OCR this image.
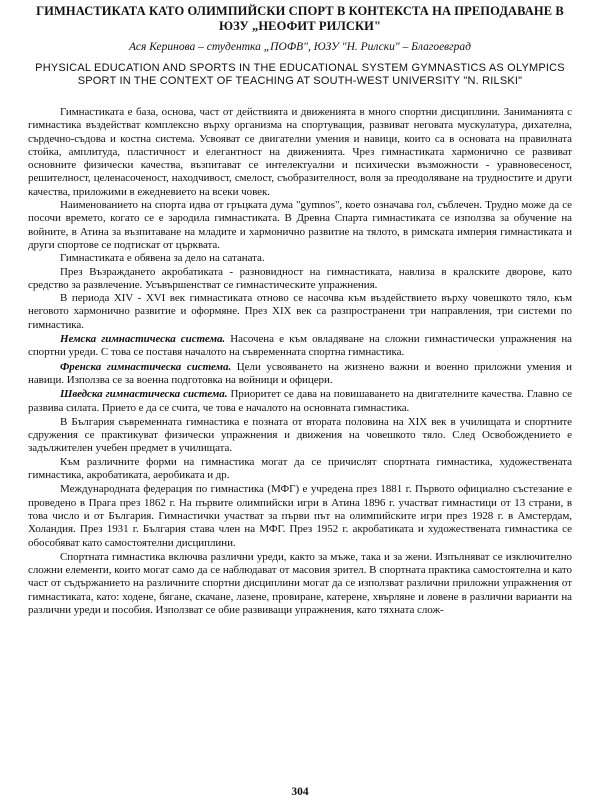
ГИМНАСТИКАТА КАТО ОЛИМПИЙСКИ СПОРТ В КОНТЕКСТА НА ПРЕПОДАВАНЕ В ЮЗУ „НЕОФИТ РИЛСКИ"
Ася Керинова – студентка „ПОФВ", ЮЗУ "Н. Рилски" – Благоевград
PHYSICAL EDUCATION AND SPORTS IN THE EDUCATIONAL SYSTEM GYMNASTICS AS OLYMPICS SPORT IN THE CONTEXT OF TEACHING AT SOUTH-WEST UNIVERSITY "N. RILSKI"

Гимнастиката е база, основа, част от действията и движенията в много спортни дисциплини. Заниманията с гимнастика въздействат комплексно върху организма на спортуващия, развиват неговата мускулатура, дихателна, сърдечно-съдова и костна система. Усвояват се двигателни умения и навици, които са в основата на правилната стойка, амплитуда, пластичност и елегантност на движенията. Чрез гимнастиката хармонично се развиват основните физически качества, възпитават се интелектуални и психически възможности - уравновесеност, решителност, целенасоченост, находчивост, смелост, съобразителност, воля за преодоляване на трудностите и други качества, приложими в ежедневието на всеки човек.

Наименованието на спорта идва от гръцката дума "gymnos", което означава гол, съблечен. Трудно може да се посочи времето, когато се е зародила гимнастиката. В Древна Спарта гимнастиката се използва за обучение на войните, в Атина за възпитаване на младите и хармонично развитие на тялото, в римската империя гимнастиката и други спортове се подтискат от църквата.

Гимнастиката е обявена за дело на сатаната.

През Възраждането акробатиката - разновидност на гимнастиката, навлиза в кралските дворове, като средство за развлечение. Усъвършенстват се гимнастическите упражнения.

В периода XIV - XVI век гимнастиката отново се насочва към въздействието върху човешкото тяло, към неговото хармонично развитие и оформяне. През XIX век са разпространени три направления, три системи по гимнастика.

Немска гимнастическа система. Насочена е към овладяване на сложни гимнастически упражнения на спортни уреди. С това се поставя началото на съвременната спортна гимнастика.

Френска гимнастическа система. Цели усвояването на жизнено важни и военно приложни умения и навици. Използва се за военна подготовка на войници и офицери.

Шведска гимнастическа система. Приоритет се дава на повишаването на двигателните качества. Главно се развива силата. Прието е да се счита, че това е началото на основната гимнастика.

В България съвременната гимнастика е позната от втората половина на XIX век в училищата и спортните сдружения се практикуват физически упражнения и движения на човешкото тяло. След Освобождението е задължителен учебен предмет в училищата.

Към различните форми на гимнастика могат да се причислят спортната гимнастика, художествената гимнастика, акробатиката, аеробиката и др.

Международната федерация по гимнастика (МФГ) е учредена през 1881 г. Първото официално състезание е проведено в Прага през 1862 г. На първите олимпийски игри в Атина 1896 г. участват гимнастици от 13 страни, в това число и от България. Гимнастички участват за първи път на олимпийските игри през 1928 г. в Амстердам, Холандия. През 1931 г. България става член на МФГ. През 1952 г. акробатиката и художествената гимнастика се обособяват като самостоятелни дисциплини.

Спортната гимнастика включва различни уреди, както за мъже, така и за жени. Изпълняват се изключително сложни елементи, които могат само да се наблюдават от масовия зрител. В спортната практика самостоятелна и като част от съдържанието на различните спортни дисциплини могат да се използват различни приложни упражнения от гимнастиката, като: ходене, бягане, скачане, лазене, провиране, катерене, хвърляне и ловене в различни варианти на различни уреди и пособия. Използват се обие развиващи упражнения, като тяхната слож-

304
